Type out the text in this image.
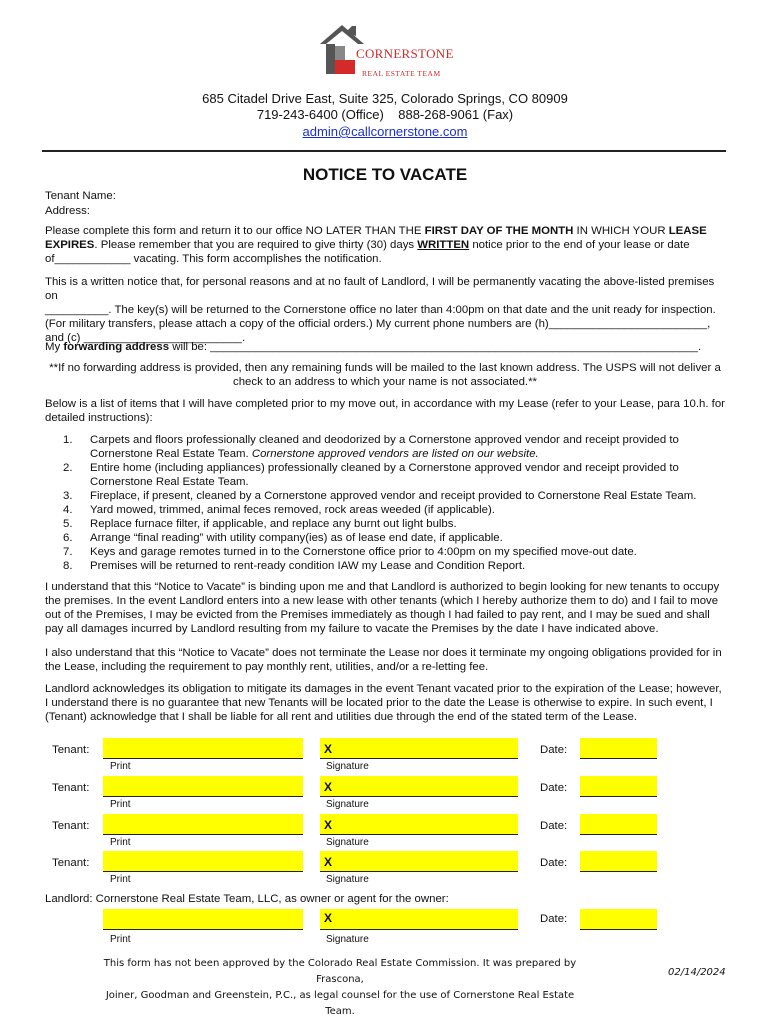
CORNERSTONE
REAL ESTATE TEAM
685 Citadel Drive East, Suite 325, Colorado Springs, CO 80909
719-243-6400 (Office)    888-268-9061 (Fax)
admin@callcornerstone.com
NOTICE TO VACATE
Tenant Name:
Address:
Please complete this form and return it to our office NO LATER THAN THE FIRST DAY OF THE MONTH IN WHICH YOUR LEASE EXPIRES. Please remember that you are required to give thirty (30) days WRITTEN notice prior to the end of your lease or date of____________ vacating. This form accomplishes the notification.
This is a written notice that, for personal reasons and at no fault of Landlord, I will be permanently vacating the above-listed premises on
__________. The key(s) will be returned to the Cornerstone office no later than 4:00pm on that date and the unit ready for inspection.
(For military transfers, please attach a copy of the official orders.) My current phone numbers are (h)_________________________,
and (c) _________________________.
My forwarding address will be: _____________________________________________________________________________.
**If no forwarding address is provided, then any remaining funds will be mailed to the last known address. The USPS will not deliver a check to an address to which your name is not associated.**
Below is a list of items that I will have completed prior to my move out, in accordance with my Lease (refer to your Lease, para 10.h. for detailed instructions):
1.	Carpets and floors professionally cleaned and deodorized by a Cornerstone approved vendor and receipt provided to Cornerstone Real Estate Team. Cornerstone approved vendors are listed on our website.
2.	Entire home (including appliances) professionally cleaned by a Cornerstone approved vendor and receipt provided to Cornerstone Real Estate Team.
3.	Fireplace, if present, cleaned by a Cornerstone approved vendor and receipt provided to Cornerstone Real Estate Team.
4.	Yard mowed, trimmed, animal feces removed, rock areas weeded (if applicable).
5.	Replace furnace filter, if applicable, and replace any burnt out light bulbs.
6.	Arrange “final reading” with utility company(ies) as of lease end date, if applicable.
7.	Keys and garage remotes turned in to the Cornerstone office prior to 4:00pm on my specified move-out date.
8.	Premises will be returned to rent-ready condition IAW my Lease and Condition Report.
I understand that this “Notice to Vacate” is binding upon me and that Landlord is authorized to begin looking for new tenants to occupy the premises. In the event Landlord enters into a new lease with other tenants (which I hereby authorize them to do) and I fail to move out of the Premises, I may be evicted from the Premises immediately as though I had failed to pay rent, and I may be sued and shall pay all damages incurred by Landlord resulting from my failure to vacate the Premises by the date I have indicated above.
I also understand that this “Notice to Vacate” does not terminate the Lease nor does it terminate my ongoing obligations provided for in the Lease, including the requirement to pay monthly rent, utilities, and/or a re-letting fee.
Landlord acknowledges its obligation to mitigate its damages in the event Tenant vacated prior to the expiration of the Lease; however, I understand there is no guarantee that new Tenants will be located prior to the date the Lease is otherwise to expire. In such event, I (Tenant) acknowledge that I shall be liable for all rent and utilities due through the end of the stated term of the Lease.
Tenant:	X	Date:
Print	Signature
Tenant:	X	Date:
Print	Signature
Tenant:	X	Date:
Print	Signature
Tenant:	X	Date:
Print	Signature
Landlord: Cornerstone Real Estate Team, LLC, as owner or agent for the owner:
X	Date:
Print	Signature
This form has not been approved by the Colorado Real Estate Commission. It was prepared by Frascona,
Joiner, Goodman and Greenstein, P.C., as legal counsel for the use of Cornerstone Real Estate Team.
02/14/2024
